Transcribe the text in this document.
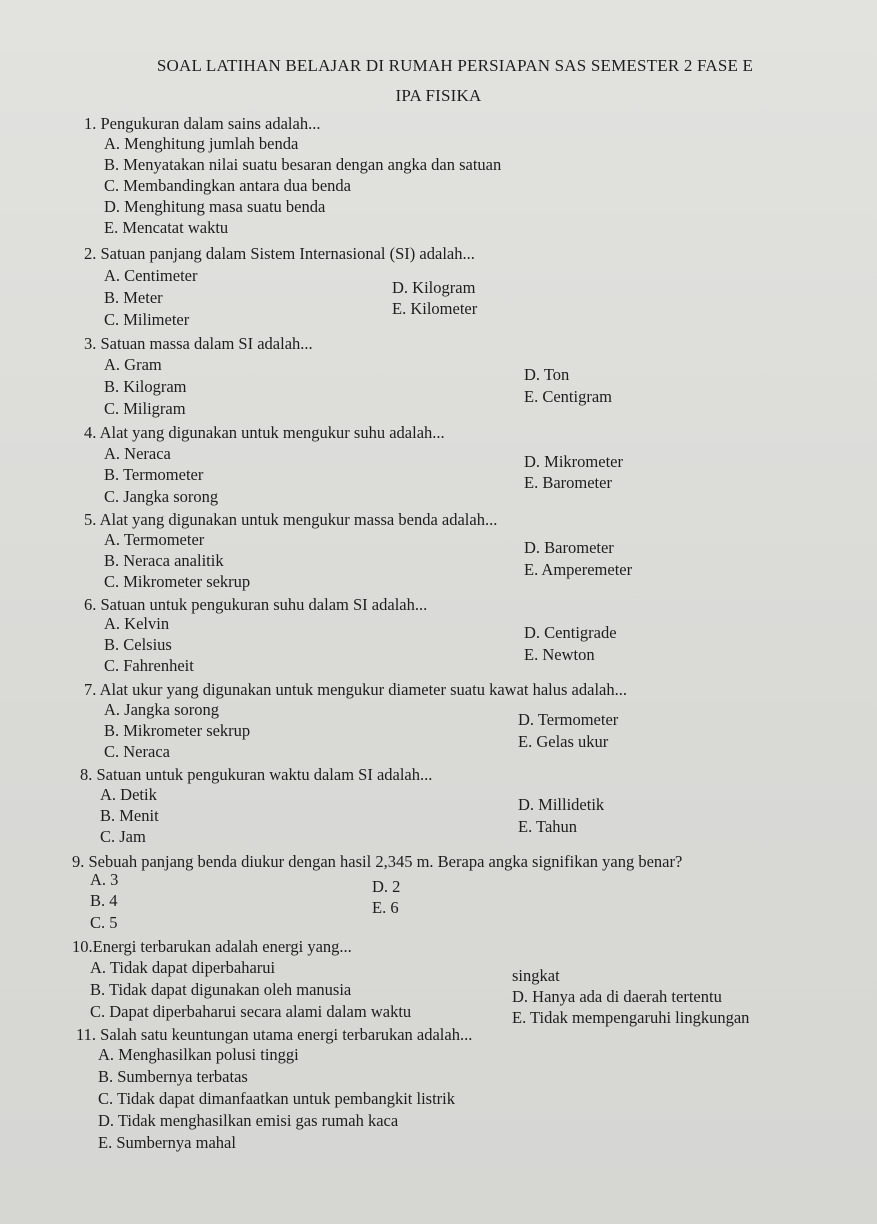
SOAL LATIHAN BELAJAR DI RUMAH PERSIAPAN SAS SEMESTER 2 FASE E
IPA FISIKA
1. Pengukuran dalam sains adalah...
A. Menghitung jumlah benda
B. Menyatakan nilai suatu besaran dengan angka dan satuan
C. Membandingkan antara dua benda
D. Menghitung masa suatu benda
E. Mencatat waktu
2. Satuan panjang dalam Sistem Internasional (SI) adalah...
A. Centimeter
B. Meter
C. Milimeter
D. Kilogram
E. Kilometer
3. Satuan massa dalam SI adalah...
A. Gram
B. Kilogram
C. Miligram
D. Ton
E. Centigram
4. Alat yang digunakan untuk mengukur suhu adalah...
A. Neraca
B. Termometer
C. Jangka sorong
D. Mikrometer
E. Barometer
5. Alat yang digunakan untuk mengukur massa benda adalah...
A. Termometer
B. Neraca analitik
C. Mikrometer sekrup
D. Barometer
E. Amperemeter
6. Satuan untuk pengukuran suhu dalam SI adalah...
A. Kelvin
B. Celsius
C. Fahrenheit
D. Centigrade
E. Newton
7. Alat ukur yang digunakan untuk mengukur diameter suatu kawat halus adalah...
A. Jangka sorong
B. Mikrometer sekrup
C. Neraca
D. Termometer
E. Gelas ukur
8. Satuan untuk pengukuran waktu dalam SI adalah...
A. Detik
B. Menit
C. Jam
D. Millidetik
E. Tahun
9. Sebuah panjang benda diukur dengan hasil 2,345 m. Berapa angka signifikan yang benar?
A. 3
B. 4
C. 5
D. 2
E. 6
10.Energi terbarukan adalah energi yang...
A. Tidak dapat diperbaharui
B. Tidak dapat digunakan oleh manusia
C. Dapat diperbaharui secara alami dalam waktu
singkat
D. Hanya ada di daerah tertentu
E. Tidak mempengaruhi lingkungan
11. Salah satu keuntungan utama energi terbarukan adalah...
A. Menghasilkan polusi tinggi
B. Sumbernya terbatas
C. Tidak dapat dimanfaatkan untuk pembangkit listrik
D. Tidak menghasilkan emisi gas rumah kaca
E. Sumbernya mahal
